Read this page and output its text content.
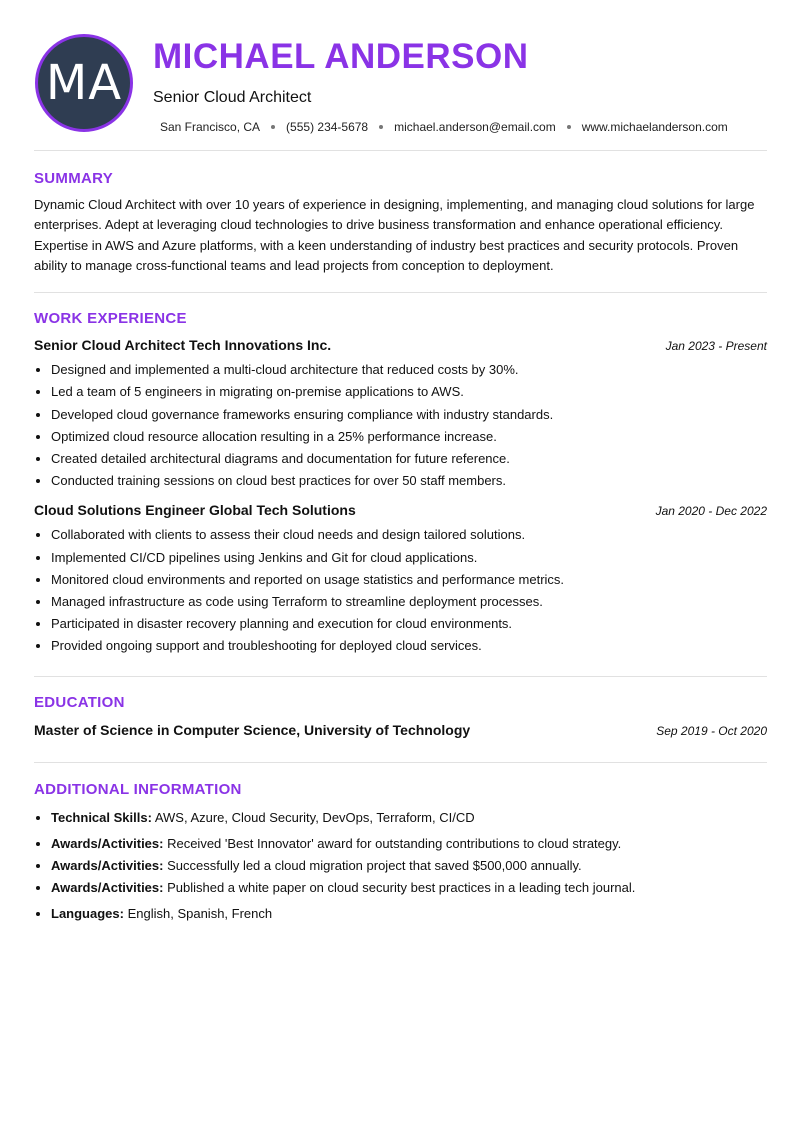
MA MICHAEL ANDERSON
Senior Cloud Architect
San Francisco, CA (555) 234-5678 michael.anderson@email.com www.michaelanderson.com
SUMMARY

Dynamic Cloud Architect with over 10 years of experience in designing, implementing, and managing cloud solutions for large enterprises. Adept at leveraging cloud technologies to drive business transformation and enhance operational efficiency. Expertise in AWS and Azure platforms, with a keen understanding of industry best practices and security protocols. Proven ability to manage cross-functional teams and lead projects from conception to deployment.

WORK EXPERIENCE
Senior Cloud Architect Tech Innovations Inc.	Jan 2023 - Present
• Designed and implemented a multi-cloud architecture that reduced costs by 30%.
• Led a team of 5 engineers in migrating on-premise applications to AWS.
• Developed cloud governance frameworks ensuring compliance with industry standards.
• Optimized cloud resource allocation resulting in a 25% performance increase.
• Created detailed architectural diagrams and documentation for future reference.
• Conducted training sessions on cloud best practices for over 50 staff members.
Cloud Solutions Engineer Global Tech Solutions	Jan 2020 - Dec 2022
• Collaborated with clients to assess their cloud needs and design tailored solutions.
• Implemented CI/CD pipelines using Jenkins and Git for cloud applications.
• Monitored cloud environments and reported on usage statistics and performance metrics.
• Managed infrastructure as code using Terraform to streamline deployment processes.
• Participated in disaster recovery planning and execution for cloud environments.
• Provided ongoing support and troubleshooting for deployed cloud services.
EDUCATION
Master of Science in Computer Science, University of Technology	Sep 2019 - Oct 2020
ADDITIONAL INFORMATION
• Technical Skills: AWS, Azure, Cloud Security, DevOps, Terraform, CI/CD
• Awards/Activities: Received 'Best Innovator' award for outstanding contributions to cloud strategy.
• Awards/Activities: Successfully led a cloud migration project that saved $500,000 annually.
• Awards/Activities: Published a white paper on cloud security best practices in a leading tech journal.
• Languages: English, Spanish, French
